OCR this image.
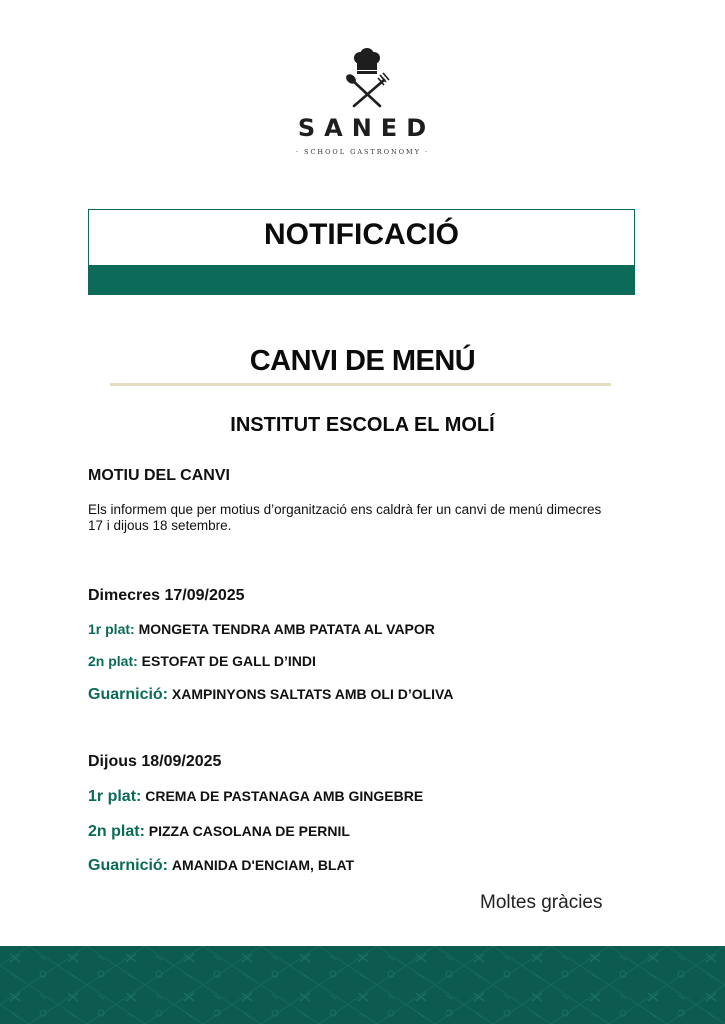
SANED
· SCHOOL GASTRONOMY ·
NOTIFICACIÓ
CANVI DE MENÚ
INSTITUT ESCOLA EL MOLÍ
MOTIU DEL CANVI
Els informem que per motius d’organització ens caldrà fer un canvi de menú dimecres 17 i dijous 18 setembre.
Dimecres 17/09/2025
1r plat: MONGETA TENDRA AMB PATATA AL VAPOR
2n plat: ESTOFAT DE GALL D’INDI
Guarnició: XAMPINYONS SALTATS AMB OLI D’OLIVA
Dijous 18/09/2025
1r plat: CREMA DE PASTANAGA AMB GINGEBRE
2n plat: PIZZA CASOLANA DE PERNIL
Guarnició: AMANIDA D'ENCIAM, BLAT
Moltes gràcies
